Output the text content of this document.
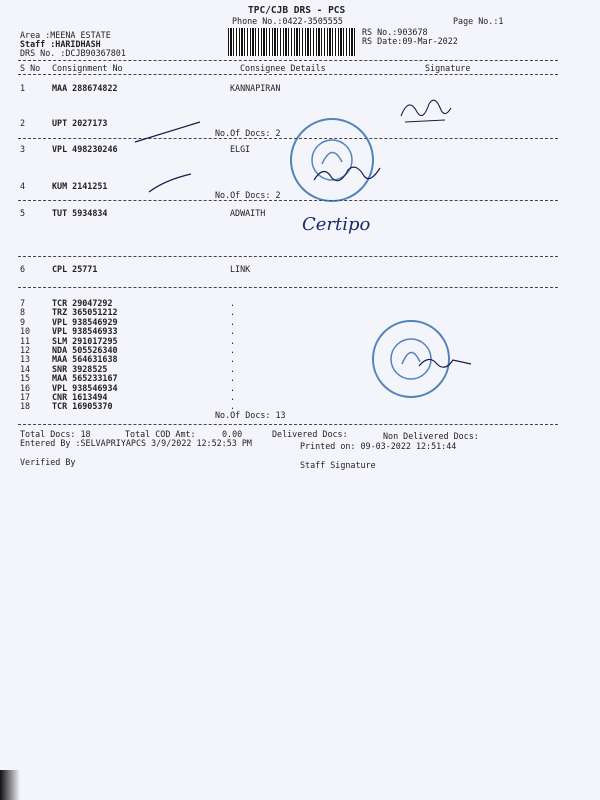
TPC/CJB DRS - PCS
Phone No.:0422-3505555	Page No.:1
Area :MEENA ESTATE
Staff :HARIDHASH
DRS No. :DCJB90367801
RS No.:903678
RS Date:09-Mar-2022
S No Consignment No	Consignee Details	Signature
1	MAA 288674822	KANNAPIRAN
2	UPT 2027173
No.Of Docs: 2
3	VPL 498230246	ELGI
4	KUM 2141251
No.Of Docs: 2
5	TUT 5934834	ADWAITH
6	CPL 25771	LINK
7	TCR 29047292	.
8	TRZ 365051212	.
9	VPL 938546929	.
10	VPL 938546933	.
11	SLM 291017295	.
12	NDA 505526340	.
13	MAA 564631638	.
14	SNR 3928525	.
15	MAA 565233167	.
16	VPL 938546934	.
17	CNR 1613494	.
18	TCR 16905370	.
No.Of Docs: 13
Total Docs: 18	Total COD Amt:	0.00	Delivered Docs:	Non Delivered Docs:
Entered By :SELVAPRIYAPCS 3/9/2022 12:52:53 PM	Printed on: 09-03-2022 12:51:44
Verified By	Staff Signature
Certipo
